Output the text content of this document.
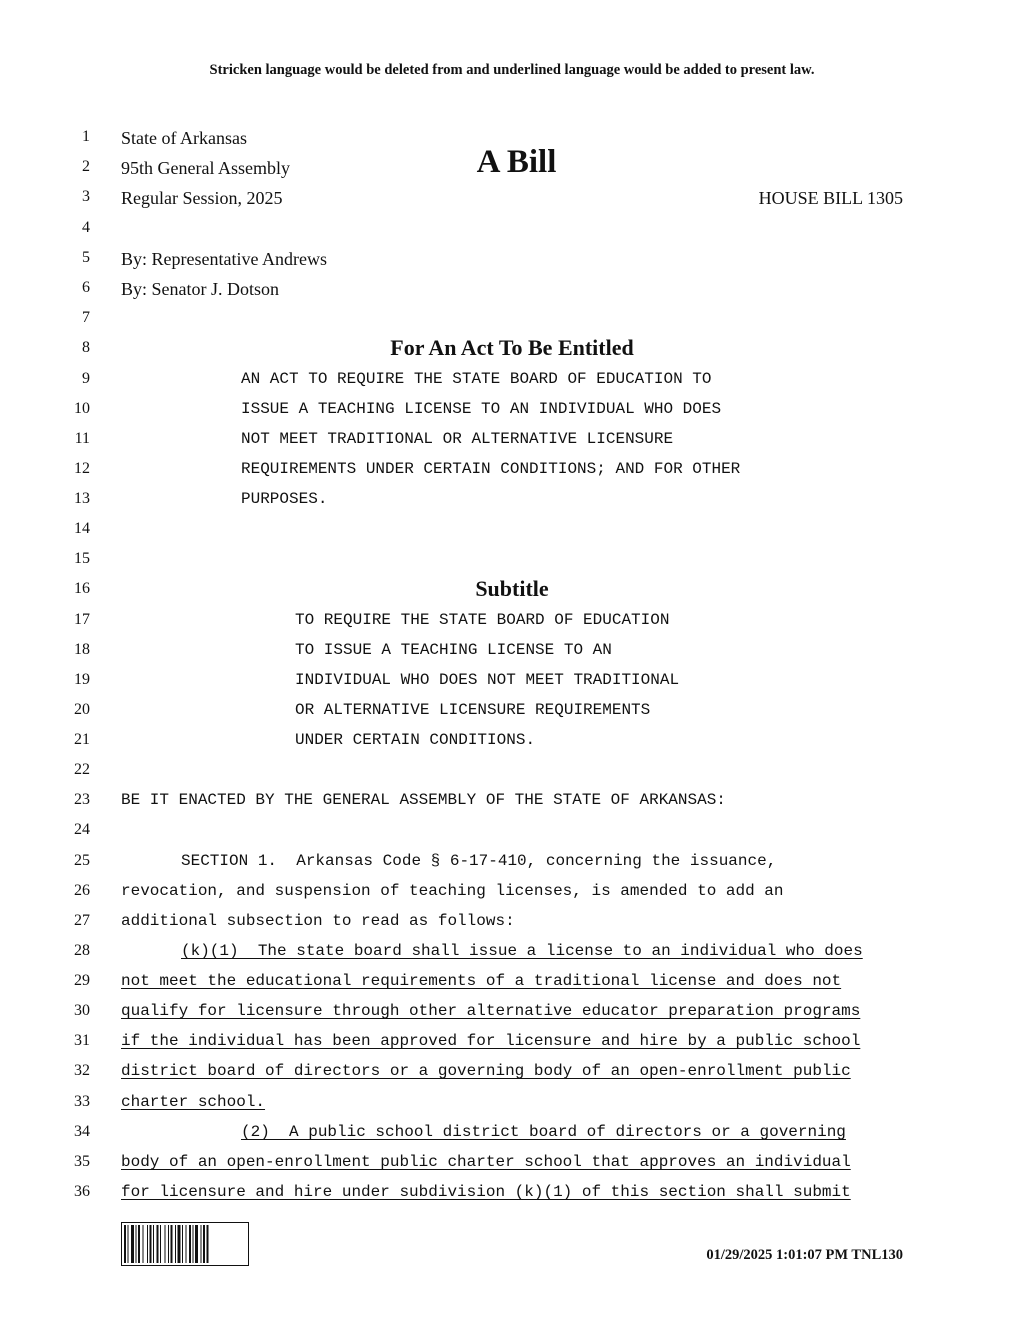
Stricken language would be deleted from and underlined language would be added to present law.
1
2
3
4
5
6
7
8
9
10
11
12
13
14
15
16
17
18
19
20
21
22
23
24
25
26
27
28
29
30
31
32
33
34
35
36
State of Arkansas
95th General Assembly	A Bill
Regular Session, 2025	HOUSE BILL 1305
By: Representative Andrews
By: Senator J. Dotson
For An Act To Be Entitled
AN ACT TO REQUIRE THE STATE BOARD OF EDUCATION TO
ISSUE A TEACHING LICENSE TO AN INDIVIDUAL WHO DOES
NOT MEET TRADITIONAL OR ALTERNATIVE LICENSURE
REQUIREMENTS UNDER CERTAIN CONDITIONS; AND FOR OTHER
PURPOSES.
Subtitle
TO REQUIRE THE STATE BOARD OF EDUCATION
TO ISSUE A TEACHING LICENSE TO AN
INDIVIDUAL WHO DOES NOT MEET TRADITIONAL
OR ALTERNATIVE LICENSURE REQUIREMENTS
UNDER CERTAIN CONDITIONS.
BE IT ENACTED BY THE GENERAL ASSEMBLY OF THE STATE OF ARKANSAS:
SECTION 1.  Arkansas Code § 6-17-410, concerning the issuance,
revocation, and suspension of teaching licenses, is amended to add an
additional subsection to read as follows:
(k)(1)  The state board shall issue a license to an individual who does
not meet the educational requirements of a traditional license and does not
qualify for licensure through other alternative educator preparation programs
if the individual has been approved for licensure and hire by a public school
district board of directors or a governing body of an open-enrollment public
charter school.
(2)  A public school district board of directors or a governing
body of an open-enrollment public charter school that approves an individual
for licensure and hire under subdivision (k)(1) of this section shall submit
01/29/2025 1:01:07 PM TNL130
